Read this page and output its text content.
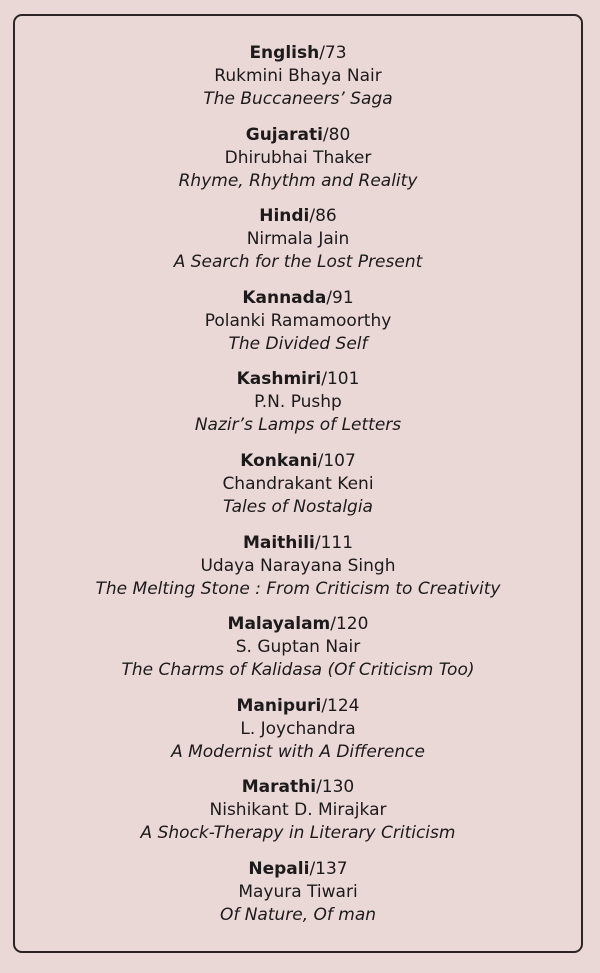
English/73
Rukmini Bhaya Nair
The Buccaneers’ Saga
Gujarati/80
Dhirubhai Thaker
Rhyme, Rhythm and Reality
Hindi/86
Nirmala Jain
A Search for the Lost Present
Kannada/91
Polanki Ramamoorthy
The Divided Self
Kashmiri/101
P.N. Pushp
Nazir’s Lamps of Letters
Konkani/107
Chandrakant Keni
Tales of Nostalgia
Maithili/111
Udaya Narayana Singh
The Melting Stone : From Criticism to Creativity
Malayalam/120
S. Guptan Nair
The Charms of Kalidasa (Of Criticism Too)
Manipuri/124
L. Joychandra
A Modernist with A Difference
Marathi/130
Nishikant D. Mirajkar
A Shock-Therapy in Literary Criticism
Nepali/137
Mayura Tiwari
Of Nature, Of man
